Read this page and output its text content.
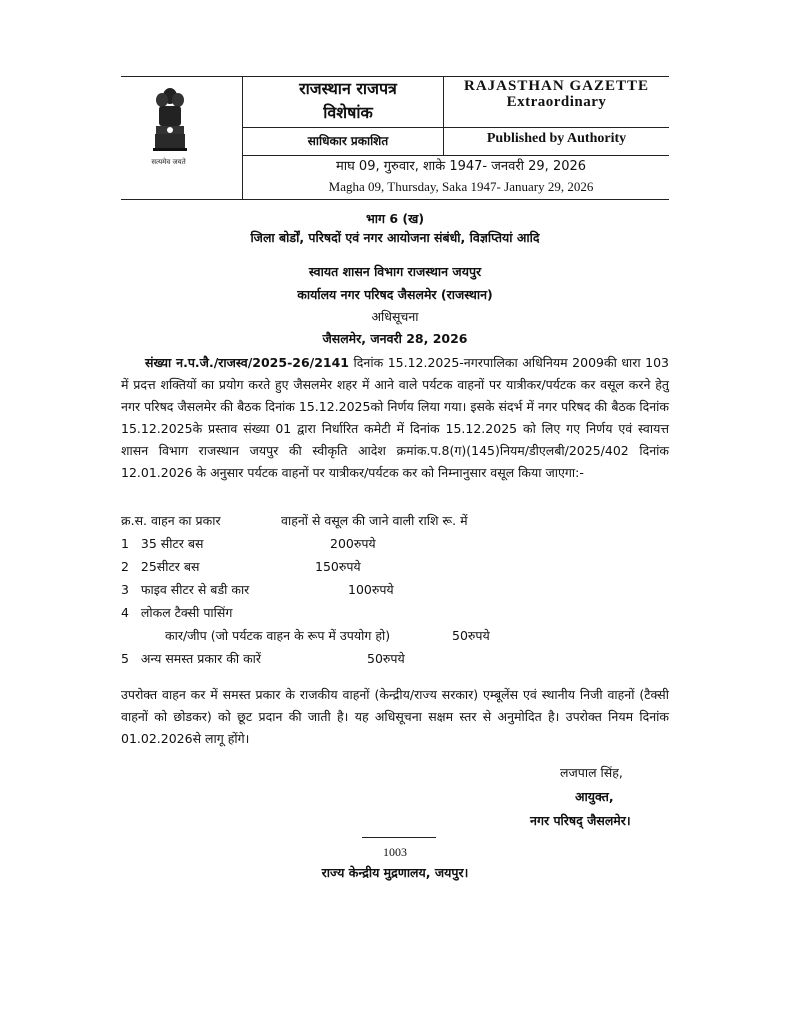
सत्यमेव जयते
राजस्थान राजपत्र
विशेषांक
RAJASTHAN GAZETTE
Extraordinary
साधिकार प्रकाशित	Published by Authority
माघ 09, गुरुवार, शाके 1947- जनवरी 29, 2026
Magha 09, Thursday, Saka 1947- January 29, 2026
भाग 6 (ख)
जिला बोर्डों, परिषदों एवं नगर आयोजना संबंधी, विज्ञप्तियां आदि
स्वायत शासन विभाग राजस्थान जयपुर
कार्यालय नगर परिषद जैसलमेर (राजस्थान)
अधिसूचना
जैसलमेर, जनवरी 28, 2026

संख्या न.प.जै./राजस्व/2025-26/2141 दिनांक 15.12.2025-नगरपालिका अधिनियम 2009की धारा 103 में प्रदत्त शक्तियों का प्रयोग करते हुए जैसलमेर शहर में आने वाले पर्यटक वाहनों पर यात्रीकर/पर्यटक कर वसूल करने हेतु नगर परिषद जैसलमेर की बैठक दिनांक 15.12.2025को निर्णय लिया गया। इसके संदर्भ में नगर परिषद की बैठक दिनांक 15.12.2025के प्रस्ताव संख्या 01 द्वारा निर्धारित कमेटी में दिनांक 15.12.2025 को लिए गए निर्णय एवं स्वायत्त शासन विभाग राजस्थान जयपुर की स्वीकृति आदेश क्रमांक.प.8(ग)(145)नियम/डीएलबी/2025/402 दिनांक 12.01.2026 के अनुसार पर्यटक वाहनों पर यात्रीकर/पर्यटक कर को निम्नानुसार वसूल किया जाएगा:-

क्र.स. वाहन का प्रकार	वाहनों से वसूल की जाने वाली राशि रू. में
1 35 सीटर बस	200रुपये
2 25सीटर बस	150रुपये
3 फाइव सीटर से बडी कार	100रुपये
4 लोकल टैक्सी पासिंग
कार/जीप (जो पर्यटक वाहन के रूप में उपयोग हो)	50रुपये
5 अन्य समस्त प्रकार की कारें	50रुपये

उपरोक्त वाहन कर में समस्त प्रकार के राजकीय वाहनों (केन्द्रीय/राज्य सरकार) एम्बूलेंस एवं स्थानीय निजी वाहनों (टैक्सी वाहनों को छोडकर) को छूट प्रदान की जाती है। यह अधिसूचना सक्षम स्तर से अनुमोदित है। उपरोक्त नियम दिनांक 01.02.2026से लागू होंगे।

लजपाल सिंह,
आयुक्त,
नगर परिषद् जैसलमेर।
1003
राज्य केन्द्रीय मुद्रणालय, जयपुर।
